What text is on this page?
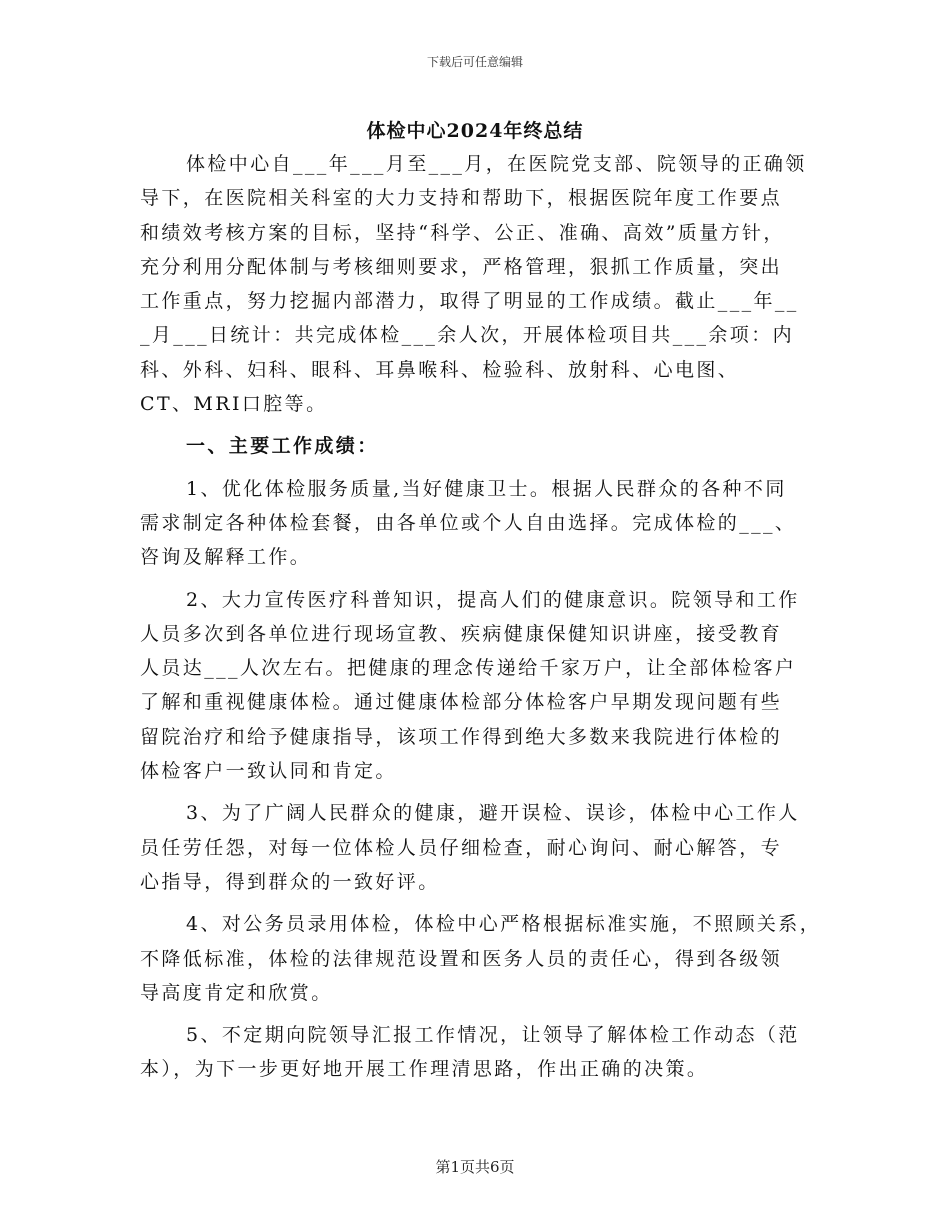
下载后可任意编辑
体检中心2024年终总结
体检中心自___年___月至___月，在医院党支部、院领导的正确领
导下，在医院相关科室的大力支持和帮助下，根据医院年度工作要点
和绩效考核方案的目标，坚持“科学、公正、准确、高效”质量方针，
充分利用分配体制与考核细则要求，严格管理，狠抓工作质量，突出
工作重点，努力挖掘内部潜力，取得了明显的工作成绩。截止___年__
_月___日统计：共完成体检___余人次，开展体检项目共___余项：内
科、外科、妇科、眼科、耳鼻喉科、检验科、放射科、心电图、
CT、MRI口腔等。
一、主要工作成绩：
1、优化体检服务质量,当好健康卫士。根据人民群众的各种不同
需求制定各种体检套餐，由各单位或个人自由选择。完成体检的___、
咨询及解释工作。
2、大力宣传医疗科普知识，提高人们的健康意识。院领导和工作
人员多次到各单位进行现场宣教、疾病健康保健知识讲座，接受教育
人员达___人次左右。把健康的理念传递给千家万户，让全部体检客户
了解和重视健康体检。通过健康体检部分体检客户早期发现问题有些
留院治疗和给予健康指导，该项工作得到绝大多数来我院进行体检的
体检客户一致认同和肯定。
3、为了广阔人民群众的健康，避开误检、误诊，体检中心工作人
员任劳任怨，对每一位体检人员仔细检查，耐心询问、耐心解答，专
心指导，得到群众的一致好评。
4、对公务员录用体检，体检中心严格根据标准实施，不照顾关系，
不降低标准，体检的法律规范设置和医务人员的责任心，得到各级领
导高度肯定和欣赏。
5、不定期向院领导汇报工作情况，让领导了解体检工作动态（范
本），为下一步更好地开展工作理清思路，作出正确的决策。
第1页共6页
